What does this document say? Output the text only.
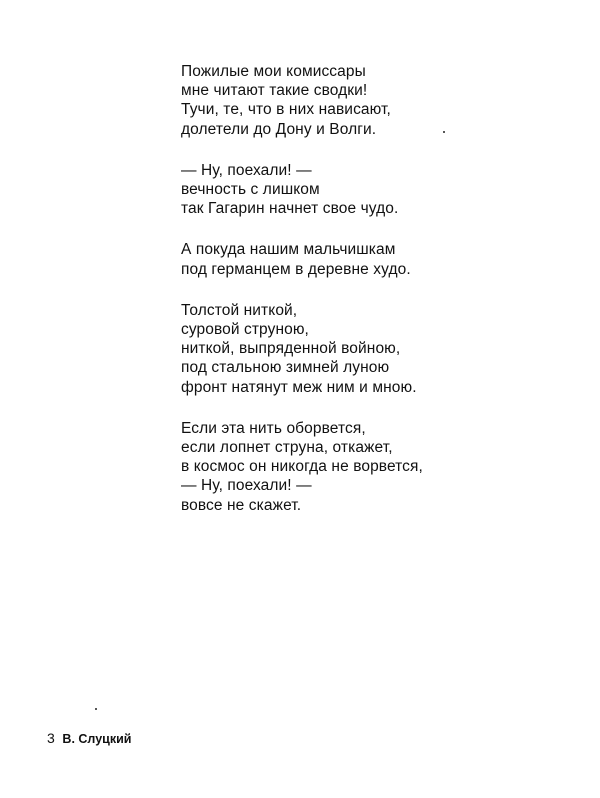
Пожилые мои комиссары
мне читают такие сводки!
Тучи, те, что в них нависают,
долетели до Дону и Волги.
— Ну, поехали! —
вечность с лишком
так Гагарин начнет свое чудо.
А покуда нашим мальчишкам
под германцем в деревне худо.
Толстой ниткой,
суровой струною,
ниткой, выпряденной войною,
под стальною зимней луною
фронт натянут меж ним и мною.
Если эта нить оборвется,
если лопнет струна, откажет,
в космос он никогда не ворвется,
— Ну, поехали! —
вовсе не скажет.
3 В. Слуцкий
